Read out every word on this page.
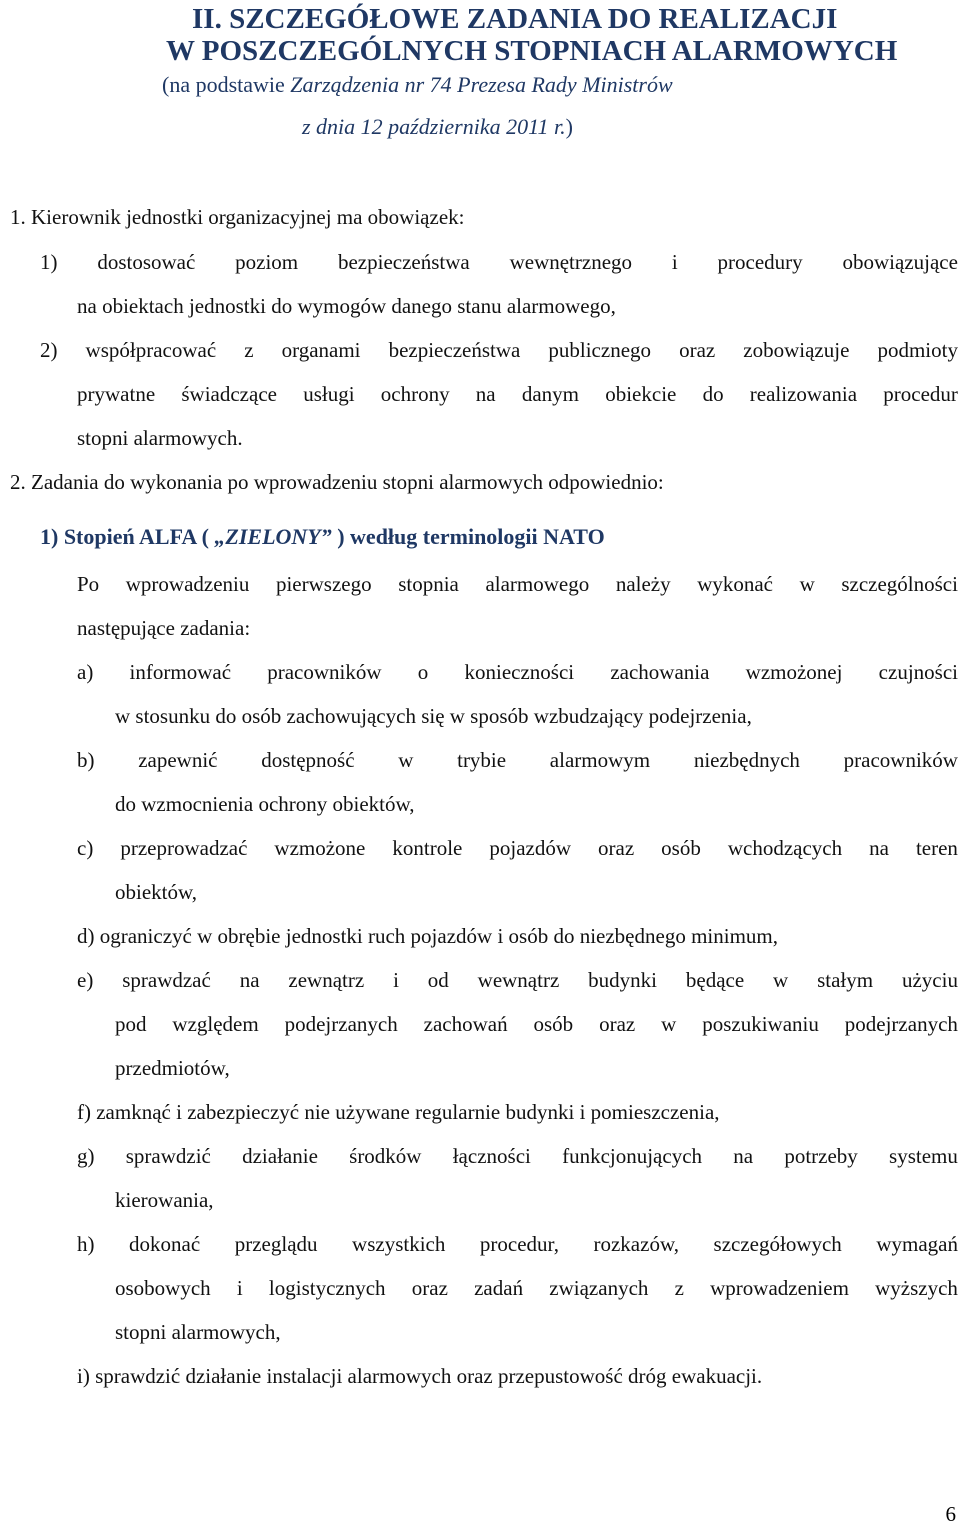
II. SZCZEGÓŁOWE ZADANIA DO REALIZACJI
W POSZCZEGÓLNYCH STOPNIACH ALARMOWYCH
(na podstawie Zarządzenia nr 74 Prezesa Rady Ministrów
z dnia 12 października 2011 r.)
1. Kierownik jednostki organizacyjnej ma obowiązek:
1) dostosować poziom bezpieczeństwa wewnętrznego i procedury obowiązujące
na obiektach jednostki do wymogów danego stanu alarmowego,
2) współpracować z organami bezpieczeństwa publicznego oraz zobowiązuje podmioty
prywatne świadczące usługi ochrony na danym obiekcie do realizowania procedur
stopni alarmowych.
2. Zadania do wykonania po wprowadzeniu stopni alarmowych odpowiednio:
1) Stopień ALFA ( „ZIELONY” ) według terminologii NATO
Po wprowadzeniu pierwszego stopnia alarmowego należy wykonać w szczególności
następujące zadania:
a) informować pracowników o konieczności zachowania wzmożonej czujności
w stosunku do osób zachowujących się w sposób wzbudzający podejrzenia,
b) zapewnić dostępność w trybie alarmowym niezbędnych pracowników
do wzmocnienia ochrony obiektów,
c) przeprowadzać wzmożone kontrole pojazdów oraz osób wchodzących na teren
obiektów,
d) ograniczyć w obrębie jednostki ruch pojazdów i osób do niezbędnego minimum,
e) sprawdzać na zewnątrz i od wewnątrz budynki będące w stałym użyciu
pod względem podejrzanych zachowań osób oraz w poszukiwaniu podejrzanych
przedmiotów,
f) zamknąć i zabezpieczyć nie używane regularnie budynki i pomieszczenia,
g) sprawdzić działanie środków łączności funkcjonujących na potrzeby systemu
kierowania,
h) dokonać przeglądu wszystkich procedur, rozkazów, szczegółowych wymagań
osobowych i logistycznych oraz zadań związanych z wprowadzeniem wyższych
stopni alarmowych,
i) sprawdzić działanie instalacji alarmowych oraz przepustowość dróg ewakuacji.
6
